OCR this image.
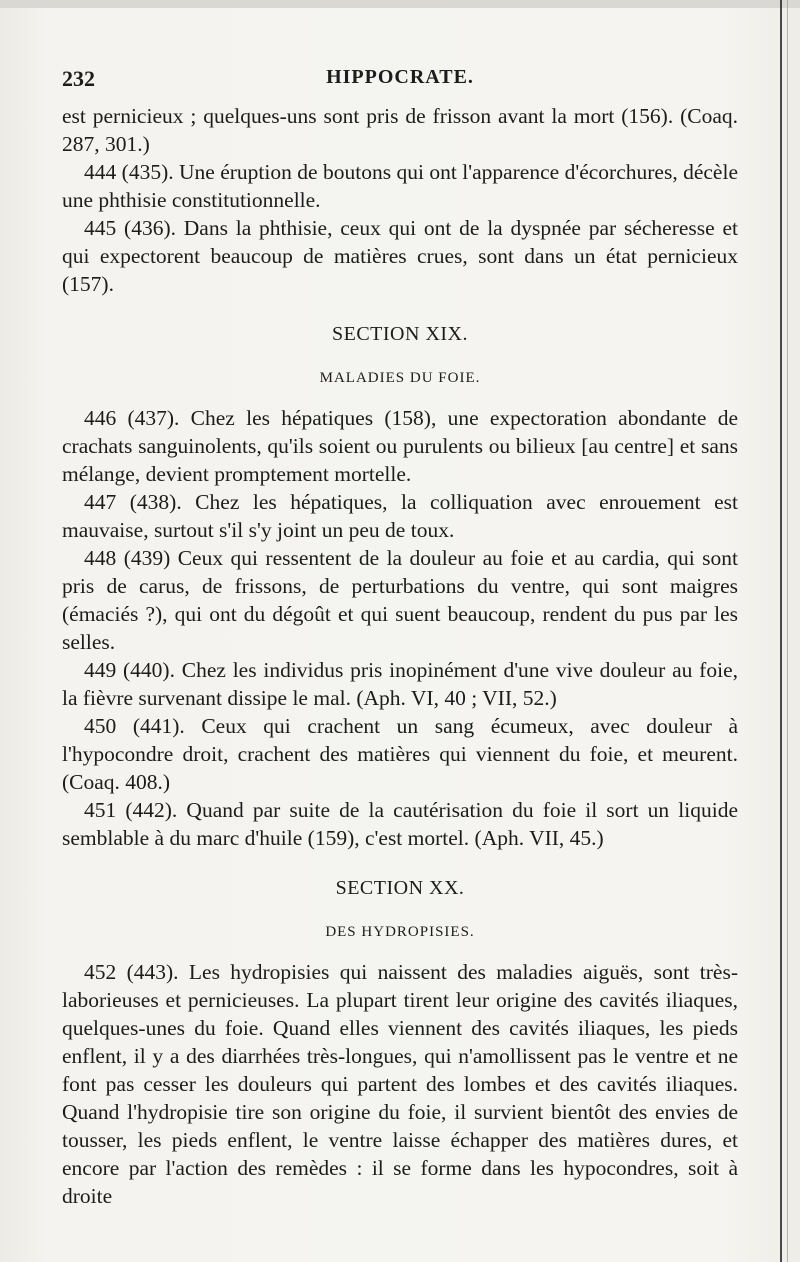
232	HIPPOCRATE.

est pernicieux ; quelques-uns sont pris de frisson avant la mort (156). (Coaq. 287, 301.)

444 (435). Une éruption de boutons qui ont l'apparence d'écorchures, décèle une phthisie constitutionnelle.

445 (436). Dans la phthisie, ceux qui ont de la dyspnée par sécheresse et qui expectorent beaucoup de matières crues, sont dans un état pernicieux (157).

SECTION XIX.
MALADIES DU FOIE.

446 (437). Chez les hépatiques (158), une expectoration abondante de crachats sanguinolents, qu'ils soient ou purulents ou bilieux [au centre] et sans mélange, devient promptement mortelle.

447 (438). Chez les hépatiques, la colliquation avec enrouement est mauvaise, surtout s'il s'y joint un peu de toux.

448 (439) Ceux qui ressentent de la douleur au foie et au cardia, qui sont pris de carus, de frissons, de perturbations du ventre, qui sont maigres (émaciés ?), qui ont du dégoût et qui suent beaucoup, rendent du pus par les selles.

449 (440). Chez les individus pris inopinément d'une vive douleur au foie, la fièvre survenant dissipe le mal. (Aph. VI, 40 ; VII, 52.)

450 (441). Ceux qui crachent un sang écumeux, avec douleur à l'hypocondre droit, crachent des matières qui viennent du foie, et meurent. (Coaq. 408.)

451 (442). Quand par suite de la cautérisation du foie il sort un liquide semblable à du marc d'huile (159), c'est mortel. (Aph. VII, 45.)

SECTION XX.
DES HYDROPISIES.

452 (443). Les hydropisies qui naissent des maladies aiguës, sont très-laborieuses et pernicieuses. La plupart tirent leur origine des cavités iliaques, quelques-unes du foie. Quand elles viennent des cavités iliaques, les pieds enflent, il y a des diarrhées très-longues, qui n'amollissent pas le ventre et ne font pas cesser les douleurs qui partent des lombes et des cavités iliaques. Quand l'hydropisie tire son origine du foie, il survient bientôt des envies de tousser, les pieds enflent, le ventre laisse échapper des matières dures, et encore par l'action des remèdes : il se forme dans les hypocondres, soit à droite
